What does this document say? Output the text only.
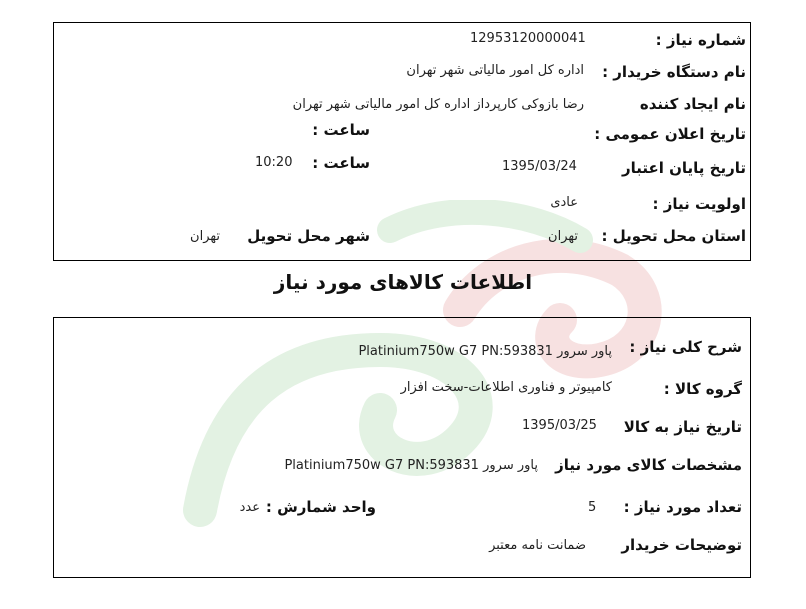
شماره نیاز :
12953120000041
نام دستگاه خریدار :
اداره کل امور مالیاتی شهر تهران
نام ایجاد کننده
رضا بازوکی کارپرداز اداره کل امور مالیاتی شهر تهران
ساعت :	تاریخ اعلان عمومی :
تاریخ پایان اعتبار
1395/03/24
ساعت :
10:20
اولویت نیاز :
عادی
استان محل تحویل :
تهران
شهر محل تحویل
تهران
اطلاعات کالاهای مورد نیاز
شرح کلی نیاز :
پاور سرور Platinium750w G7 PN:593831
گروه کالا :
کامپیوتر و فناوری اطلاعات-سخت افزار
تاریخ نیاز به کالا
1395/03/25
مشخصات کالای مورد نیاز
پاور سرور Platinium750w G7 PN:593831
تعداد مورد نیاز :
5
واحد شمارش :
عدد
توضیحات خریدار
ضمانت نامه معتبر
